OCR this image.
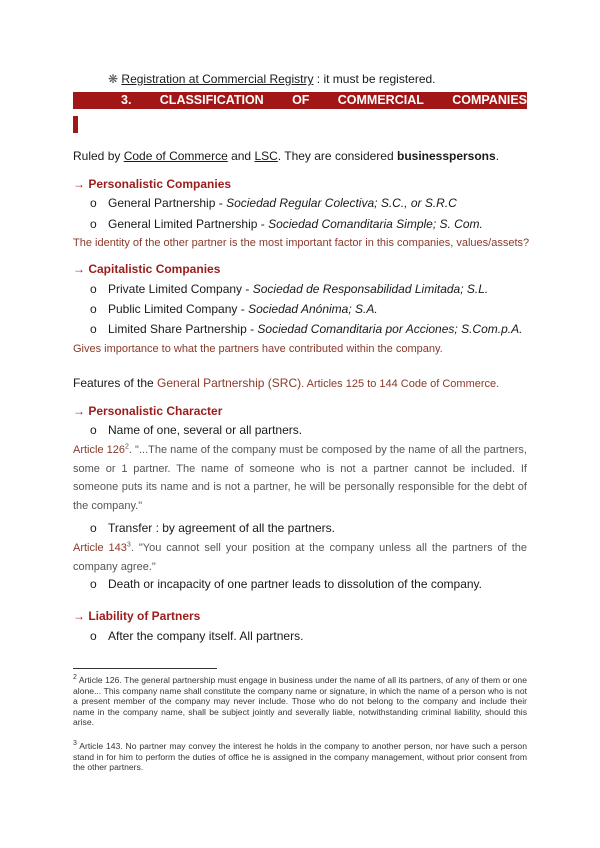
❋ Registration at Commercial Registry : it must be registered.
3. CLASSIFICATION OF COMMERCIAL COMPANIES
Ruled by Code of Commerce and LSC. They are considered businesspersons.
→ Personalistic Companies
o General Partnership - Sociedad Regular Colectiva; S.C., or S.R.C
o General Limited Partnership - Sociedad Comanditaria Simple; S. Com.
The identity of the other partner is the most important factor in this companies, values/assets?
→ Capitalistic Companies
o Private Limited Company - Sociedad de Responsabilidad Limitada; S.L.
o Public Limited Company - Sociedad Anónima; S.A.
o Limited Share Partnership - Sociedad Comanditaria por Acciones; S.Com.p.A.
Gives importance to what the partners have contributed within the company.
Features of the General Partnership (SRC). Articles 125 to 144 Code of Commerce.
→ Personalistic Character
o Name of one, several or all partners.
Article $126^2$. "...The name of the company must be composed by the name of all the partners, some or 1 partner. The name of someone who is not a partner cannot be included. If someone puts its name and is not a partner, he will be personally responsible for the debt of the company."
o Transfer : by agreement of all the partners.
Article $143^3$. "You cannot sell your position at the company unless all the partners of the company agree."
o Death or incapacity of one partner leads to dissolution of the company.
→ Liability of Partners
o After the company itself. All partners.
$^2$ Article 126. The general partnership must engage in business under the name of all its partners, of any of them or one alone... This company name shall constitute the company name or signature, in which the name of a person who is not a present member of the company may never include. Those who do not belong to the company and include their name in the company name, shall be subject jointly and severally liable, notwithstanding criminal liability, should this arise.
$^3$ Article 143. No partner may convey the interest he holds in the company to another person, nor have such a person stand in for him to perform the duties of office he is assigned in the company management, without prior consent from the other partners.
